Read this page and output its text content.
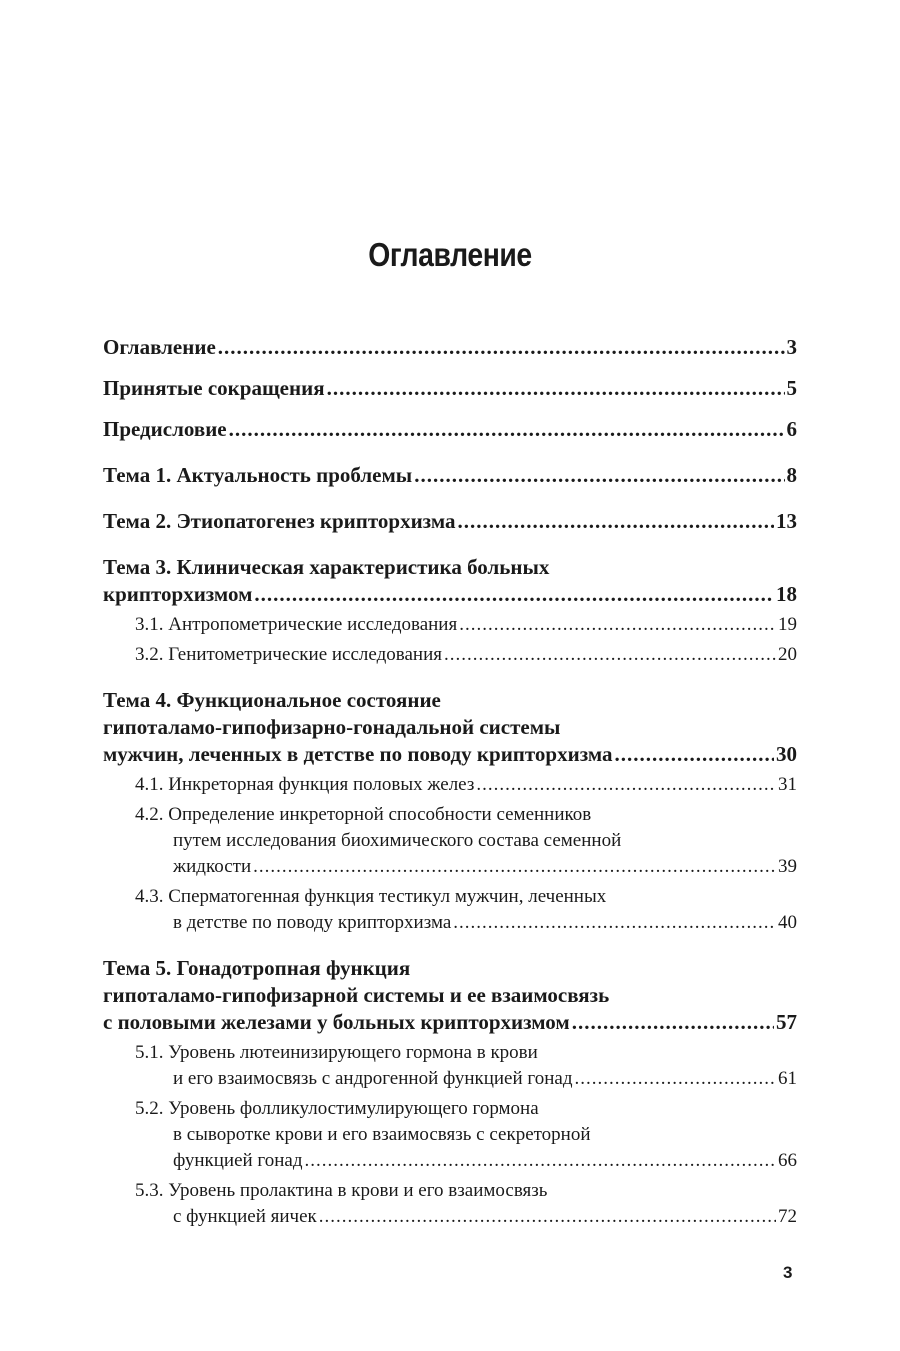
Оглавление
Оглавление .....	3
Принятые сокращения .....	5
Предисловие .....	6
Тема 1. Актуальность проблемы .....	8
Тема 2. Этиопатогенез крипторхизма .....	13
Тема 3. Клиническая характеристика больных
крипторхизмом .....	18
3.1. Антропометрические исследования .....	19
3.2. Генитометрические исследования .....	20
Тема 4. Функциональное состояние
гипоталамо-гипофизарно-гонадальной системы
мужчин, леченных в детстве по поводу крипторхизма .....	30
4.1. Инкреторная функция половых желез .....	31
4.2. Определение инкреторной способности семенников
путем исследования биохимического состава семенной
жидкости .....	39
4.3. Сперматогенная функция тестикул мужчин, леченных
в детстве по поводу крипторхизма .....	40
Тема 5. Гонадотропная функция
гипоталамо-гипофизарной системы и ее взаимосвязь
с половыми железами у больных крипторхизмом .....	57
5.1. Уровень лютеинизирующего гормона в крови
и его взаимосвязь с андрогенной функцией гонад .....	61
5.2. Уровень фолликулостимулирующего гормона
в сыворотке крови и его взаимосвязь с секреторной
функцией гонад .....	66
5.3. Уровень пролактина в крови и его взаимосвязь
с функцией яичек .....	72
3
